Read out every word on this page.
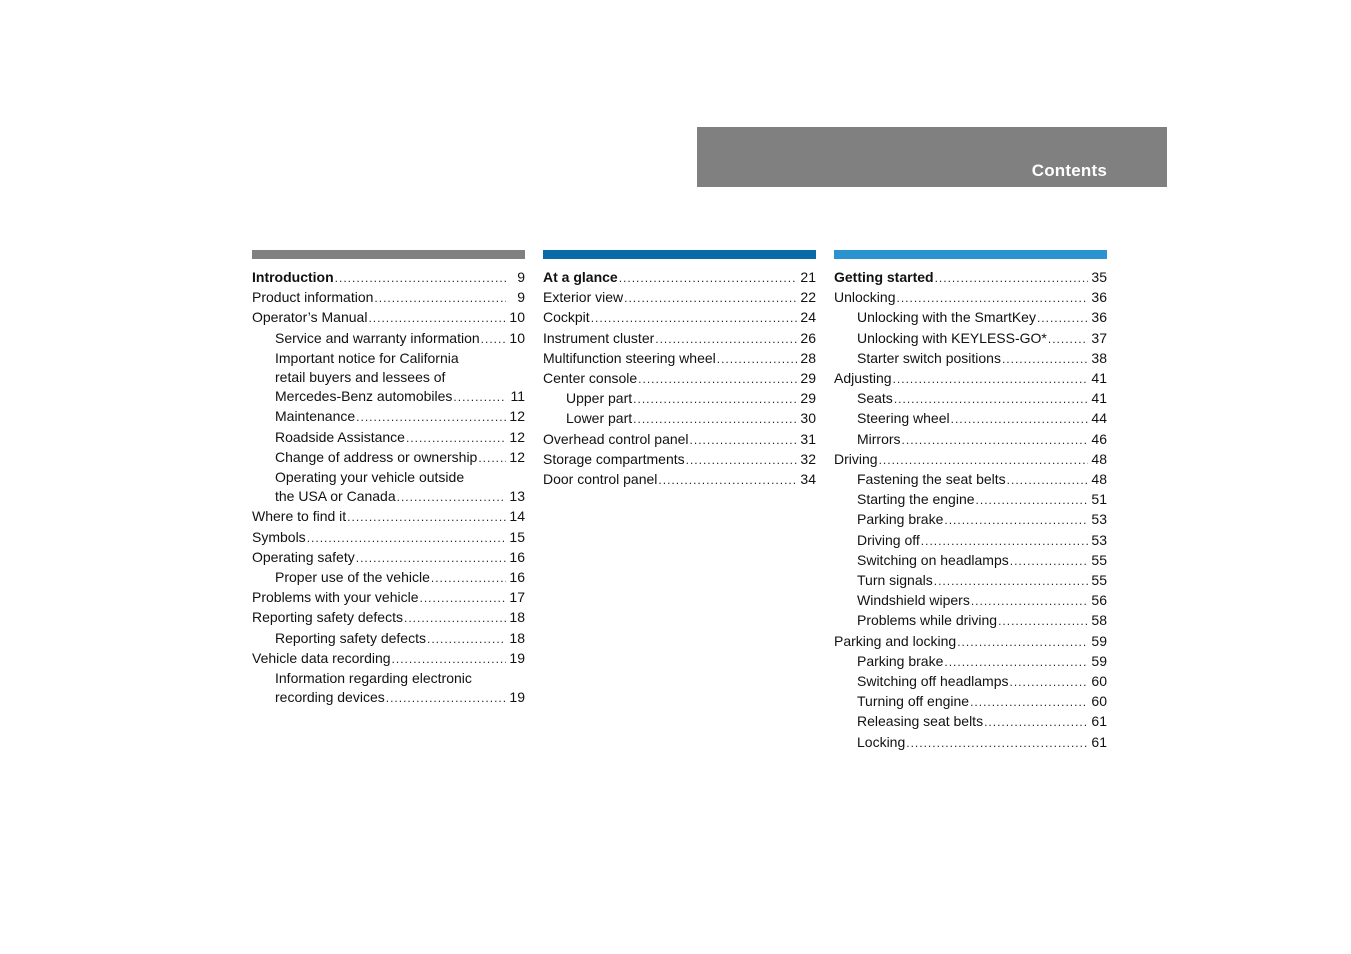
Contents
Introduction .....	9
Product information .....	9
Operator’s Manual .....	10
Service and warranty information ..... 10
Important notice for California
retail buyers and lessees of
Mercedes-Benz automobiles .....	11
Maintenance .....	12
Roadside Assistance .....	12
Change of address or ownership ..... 12
Operating your vehicle outside
the USA or Canada .....	13
Where to find it .....	14
Symbols .....	15
Operating safety .....	16
Proper use of the vehicle .....	16
Problems with your vehicle .....	17
Reporting safety defects .....	18
Reporting safety defects .....	18
Vehicle data recording .....	19
Information regarding electronic
recording devices .....	19
At a glance .....	21
Exterior view .....	22
Cockpit .....	24
Instrument cluster .....	26
Multifunction steering wheel .....	28
Center console .....	29
Upper part .....	29
Lower part .....	30
Overhead control panel .....	31
Storage compartments .....	32
Door control panel .....	34
Getting started .....	35
Unlocking .....	36
Unlocking with the SmartKey .....	36
Unlocking with KEYLESS-GO* .....	37
Starter switch positions .....	38
Adjusting .....	41
Seats .....	41
Steering wheel .....	44
Mirrors .....	46
Driving .....	48
Fastening the seat belts .....	48
Starting the engine .....	51
Parking brake .....	53
Driving off .....	53
Switching on headlamps .....	55
Turn signals .....	55
Windshield wipers .....	56
Problems while driving .....	58
Parking and locking .....	59
Parking brake .....	59
Switching off headlamps .....	60
Turning off engine .....	60
Releasing seat belts .....	61
Locking .....	61
